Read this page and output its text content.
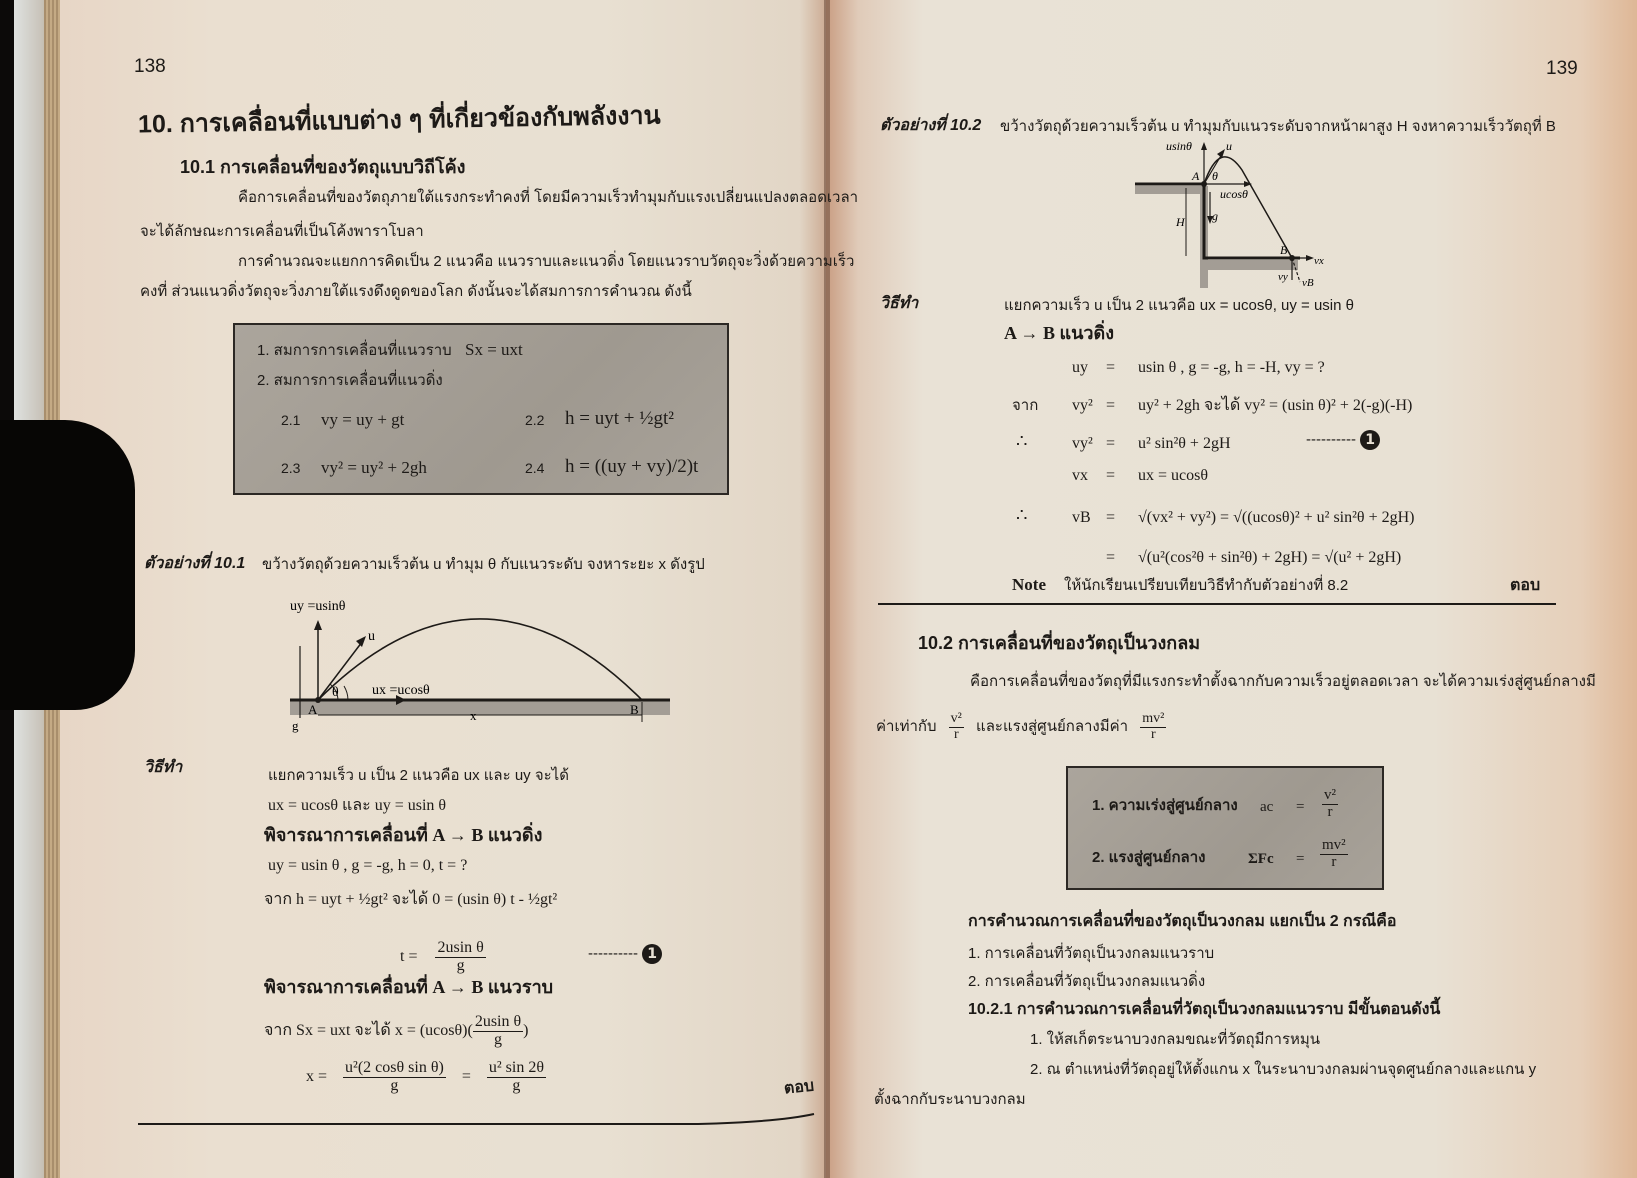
138
10. การเคลื่อนที่แบบต่าง ๆ ที่เกี่ยวข้องกับพลังงาน
10.1 การเคลื่อนที่ของวัตถุแบบวิถีโค้ง
คือการเคลื่อนที่ของวัตถุภายใต้แรงกระทำคงที่ โดยมีความเร็วทำมุมกับแรงเปลี่ยนแปลงตลอดเวลา
จะได้ลักษณะการเคลื่อนที่เป็นโค้งพาราโบลา
การคำนวณจะแยกการคิดเป็น 2 แนวคือ แนวราบและแนวดิ่ง โดยแนวราบวัตถุจะวิ่งด้วยความเร็ว
คงที่ ส่วนแนวดิ่งวัตถุจะวิ่งภายใต้แรงดึงดูดของโลก ดังนั้นจะได้สมการการคำนวณ ดังนี้
1. สมการการเคลื่อนที่แนวราบ Sx = uxt
2. สมการการเคลื่อนที่แนวดิ่ง
2.1 vy = uy + gt	2.2 h = uyt + ½gt²
2.3 vy² = uy² + 2gh	2.4 h = ((uy + vy)/2)t
ตัวอย่างที่ 10.1 ขว้างวัตถุด้วยความเร็วต้น u ทำมุม θ กับแนวระดับ จงหาระยะ x ดังรูป
uy =usinθ
u
θ ux =ucosθ
A	B
g
x
วิธีทำ	แยกความเร็ว u เป็น 2 แนวคือ ux และ uy จะได้
ux = ucosθ และ uy = usin θ
พิจารณาการเคลื่อนที่ A → B แนวดิ่ง
uy = usin θ , g = -g, h = 0, t = ?
จาก h = uyt + ½gt² จะได้ 0 = (usin θ) t - ½gt²
$t = \frac{\text{2usin θ}}{g}$	---------- 1
พิจารณาการเคลื่อนที่ A → B แนวราบ
จาก Sx = uxt จะได้ $x = (ucos\theta)( \frac{\text{2usin θ}}{g}$ )
$x = \frac{\text{u²(2 cosθ sin θ)}}{g} = \frac{\text{u² sin 2θ}}{g}$	ตอบ
139
ตัวอย่างที่ 10.2 ขว้างวัตถุด้วยความเร็วต้น u ทำมุมกับแนวระดับจากหน้าผาสูง H จงหาความเร็ววัตถุที่ B
usinθ	u
A θ
ucosθ
H g
B
vx
vy vB
วิธีทำ	แยกความเร็ว u เป็น 2 แนวคือ ux = ucosθ, uy = usin θ
A → B แนวดิ่ง
uy = usin θ , g = -g, h = -H, vy = ?
จาก vy² = uy² + 2gh จะได้ vy² = (usin θ)² + 2(-g)(-H)
∴	vy² = u² sin²θ + 2gH	---------- 1
vx = ux = ucosθ
∴	vB = √(vx² + vy²) = √((ucosθ)² + u² sin²θ + 2gH)
= √(u²(cos²θ + sin²θ) + 2gH) = √(u² + 2gH)
Note ให้นักเรียนเปรียบเทียบวิธีทำกับตัวอย่างที่ 8.2	ตอบ
10.2 การเคลื่อนที่ของวัตถุเป็นวงกลม
คือการเคลื่อนที่ของวัตถุที่มีแรงกระทำตั้งฉากกับความเร็วอยู่ตลอดเวลา จะได้ความเร่งสู่ศูนย์กลางมี
ค่าเท่ากับ $\frac{\text{v²}}{r}$ และแรงสู่ศูนย์กลางมีค่า $\frac{\text{mv²}}{r}$
1. ความเร่งสู่ศูนย์กลาง ac = $\frac{\text{v²}}{r}$
2. แรงสู่ศูนย์กลาง	$\Sigma Fc = \frac{\text{mv²}}{r}$
การคำนวณการเคลื่อนที่ของวัตถุเป็นวงกลม แยกเป็น 2 กรณีคือ
1. การเคลื่อนที่วัตถุเป็นวงกลมแนวราบ
2. การเคลื่อนที่วัตถุเป็นวงกลมแนวดิ่ง
10.2.1 การคำนวณการเคลื่อนที่วัตถุเป็นวงกลมแนวราบ มีขั้นตอนดังนี้
1. ให้สเก็ตระนาบวงกลมขณะที่วัตถุมีการหมุน
2. ณ ตำแหน่งที่วัตถุอยู่ให้ตั้งแกน x ในระนาบวงกลมผ่านจุดศูนย์กลางและแกน y
ตั้งฉากกับระนาบวงกลม
